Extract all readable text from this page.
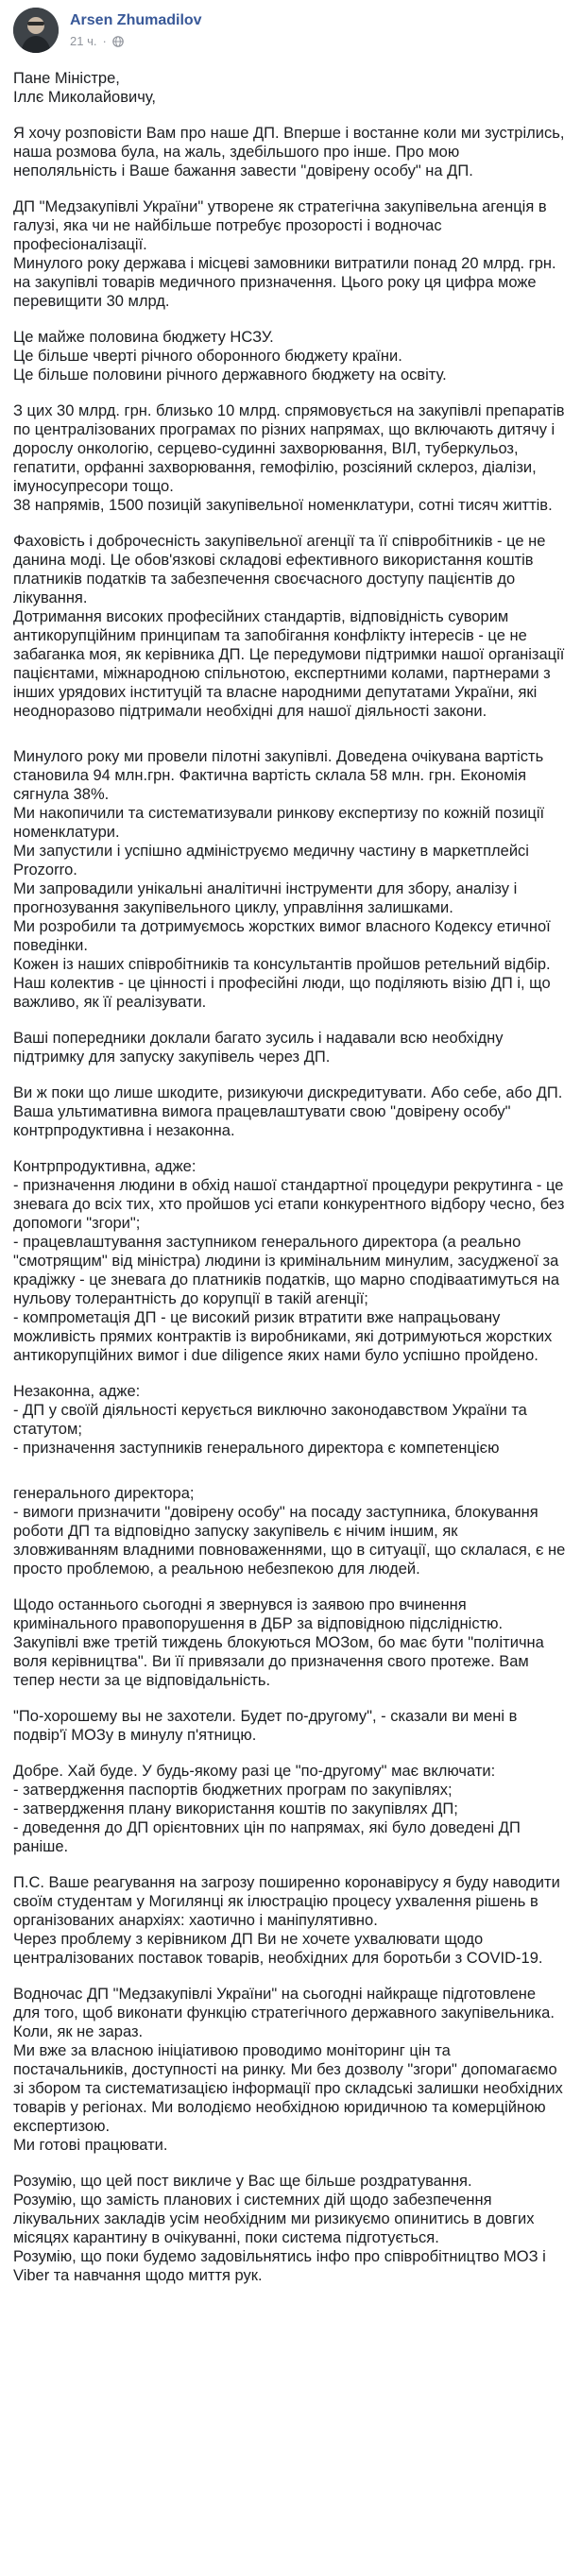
Arsen Zhumadilov
21 ч. ·

Пане Міністре,
Іллє Миколайовичу,

Я хочу розповісти Вам про наше ДП. Вперше і востанне коли ми зустрілись, наша розмова була, на жаль, здебільшого про інше. Про мою неполяльність і Ваше бажання завести "довірену особу" на ДП.

ДП "Медзакупівлі України" утворене як стратегічна закупівельна агенція в галузі, яка чи не найбільше потребує прозорості і водночас професіоналізації.
Минулого року держава і місцеві замовники витратили понад 20 млрд. грн. на закупівлі товарів медичного призначення. Цього року ця цифра може перевищити 30 млрд.

Це майже половина бюджету НСЗУ.
Це більше чверті річного оборонного бюджету країни.
Це більше половини річного державного бюджету на освіту.

З цих 30 млрд. грн. близько 10 млрд. спрямовується на закупівлі препаратів по централізованих програмах по різних напрямах, що включають дитячу і дорослу онкологію, серцево-судинні захворювання, ВІЛ, туберкульоз, гепатити, орфанні захворювання, гемофілію, розсіяний склероз, діалізи, імуносупресори тощо.
38 напрямів, 1500 позицій закупівельної номенклатури, сотні тисяч життів.

Фаховість і доброчесність закупівельної агенції та її співробітників - це не данина моді. Це обов'язкові складові ефективного використання коштів платників податків та забезпечення своєчасного доступу пацієнтів до лікування.
Дотримання високих професійних стандартів, відповідність суворим антикорупційним принципам та запобігання конфлікту інтересів - це не забаганка моя, як керівника ДП. Це передумови підтримки нашої організації пацієнтами, міжнародною спільнотою, експертними колами, партнерами з інших урядових інституцій та власне народними депутатами України, які неодноразово підтримали необхідні для нашої діяльності закони.

Минулого року ми провели пілотні закупівлі. Доведена очікувана вартість становила 94 млн.грн. Фактична вартість склала 58 млн. грн. Економія сягнула 38%.
Ми накопичили та систематизували ринкову експертизу по кожній позиції номенклатури.
Ми запустили і успішно адмініструємо медичну частину в маркетплейсі Prozorro.
Ми запровадили унікальні аналітичні інструменти для збору, аналізу і прогнозування закупівельного циклу, управління залишками.
Ми розробили та дотримуємось жорстких вимог власного Кодексу етичної поведінки.
Кожен із наших співробітників та консультантів пройшов ретельний відбір. Наш колектив - це цінності і професійні люди, що поділяють візію ДП і, що важливо, як її реалізувати.

Ваші попередники доклали багато зусиль і надавали всю необхідну підтримку для запуску закупівель через ДП.

Ви ж поки що лише шкодите, ризикуючи дискредитувати. Або себе, або ДП. Ваша ультимативна вимога працевлаштувати свою "довірену особу" контрпродуктивна і незаконна.

Контрпродуктивна, адже:
- призначення людини в обхід нашої стандартної процедури рекрутинга - це зневага до всіх тих, хто пройшов усі етапи конкурентного відбору чесно, без допомоги "згори";
- працевлаштування заступником генерального директора (а реально "смотрящим" від міністра) людини із кримінальним минулим, засудженої за крадіжку - це зневага до платників податків, що марно сподіваатимуться на нульову толерантність до корупції в такій агенції;
- компрометація ДП - це високий ризик втратити вже напрацьовану можливість прямих контрактів із виробниками, які дотримуються жорстких антикорупційних вимог і due diligence яких нами було успішно пройдено.

Незаконна, адже:
- ДП у своїй діяльності керується виключно законодавством України та статутом;
- призначення заступників генерального директора є компетенцією

генерального директора;
- вимоги призначити "довірену особу" на посаду заступника, блокування роботи ДП та відповідно запуску закупівель є нічим іншим, як зловживанням владними повноваженнями, що в ситуації, що склалася, є не просто проблемою, а реальною небезпекою для людей.

Щодо останнього сьогодні я звернувся із заявою про вчинення кримінального правопорушення в ДБР за відповідною підслідністю.
Закупівлі вже третій тиждень блокуються МОЗом, бо має бути "політична воля керівництва". Ви її привязали до призначення свого протеже. Вам тепер нести за це відповідальність.

"По-хорошему вы не захотели. Будет по-другому", - сказали ви мені в подвір'ї МОЗу в минулу п'ятницю.

Добре. Хай буде. У будь-якому разі це "по-другому" має включати:
- затвердження паспортів бюджетних програм по закупівлях;
- затвердження плану використання коштів по закупівлях ДП;
- доведення до ДП орієнтовних цін по напрямах, які було доведені ДП раніше.

П.С. Ваше реагування на загрозу поширенно коронавірусу я буду наводити своїм студентам у Могилянці як ілюстрацію процесу ухвалення рішень в організованих анархіях: хаотично і маніпулятивно.
Через проблему з керівником ДП Ви не хочете ухвалювати щодо централізованих поставок товарів, необхідних для боротьби з COVID-19.

Водночас ДП "Медзакупівлі України" на сьогодні найкраще підготовлене для того, щоб виконати функцію стратегічного державного закупівельника. Коли, як не зараз.
Ми вже за власною ініціативою проводимо моніторинг цін та постачальників, доступності на ринку. Ми без дозволу "згори" допомагаємо зі збором та систематизацією інформації про складські залишки необхідних товарів у регіонах. Ми володіємо необхідною юридичною та комерційною експертизою.
Ми готові працювати.

Розумію, що цей пост викличе у Вас ще більше роздратування.
Розумію, що замість планових і системних дій щодо забезпечення лікувальних закладів усім необхідним ми ризикуємо опинитись в довгих місяцях карантину в очікуванні, поки система підготується.
Розумію, що поки будемо задовільнятись інфо про співробітництво МОЗ і Viber та навчання щодо миття рук.
